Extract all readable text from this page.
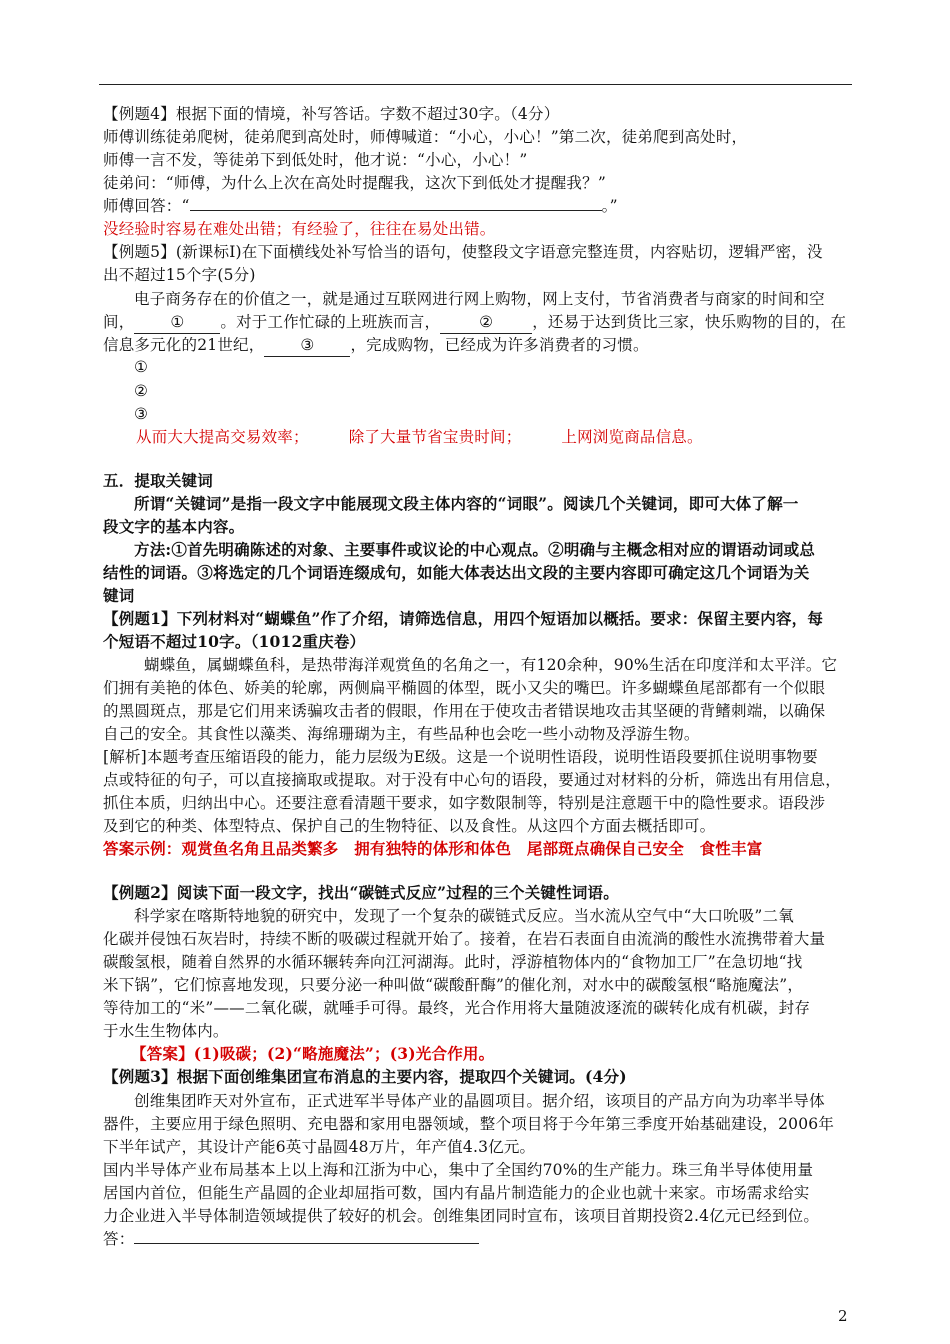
【例题4】根据下面的情境，补写答话。字数不超过30字。（4分）
师傅训练徒弟爬树，徒弟爬到高处时，师傅喊道：“小心，小心！”第二次，徒弟爬到高处时，
师傅一言不发，等徒弟下到低处时，他才说：“小心，小心！”
徒弟问：“师傅，为什么上次在高处时提醒我，这次下到低处才提醒我？”
师傅回答：“	。”
没经验时容易在难处出错；有经验了，往往在易处出错。
【例题5】(新课标I)在下面横线处补写恰当的语句，使整段文字语意完整连贯，内容贴切，逻辑严密，没
出不超过15个字(5分)
电子商务存在的价值之一，就是通过互联网进行网上购物，网上支付，节省消费者与商家的时间和空
间， ① 。对于工作忙碌的上班族而言，	②	，还易于达到货比三家，快乐购物的目的，在
信息多元化的21世纪， ③ ，完成购物，已经成为许多消费者的习惯。
①
②
③
从而大大提高交易效率；	除了大量节省宝贵时间；	上网浏览商品信息。
五．提取关键词
所谓“关键词”是指一段文字中能展现文段主体内容的“词眼”。阅读几个关键词，即可大体了解一
段文字的基本内容。
方法:①首先明确陈述的对象、主要事件或议论的中心观点。②明确与主概念相对应的谓语动词或总
结性的词语。③将选定的几个词语连缀成句，如能大体表达出文段的主要内容即可确定这几个词语为关
键词
【例题1】下列材料对“蝴蝶鱼”作了介绍，请筛选信息，用四个短语加以概括。要求：保留主要内容，每
个短语不超过10字。（1012重庆卷）
蝴蝶鱼，属蝴蝶鱼科，是热带海洋观赏鱼的名角之一，有120余种，90%生活在印度洋和太平洋。它
们拥有美艳的体色、娇美的轮廓，两侧扁平椭圆的体型，既小又尖的嘴巴。许多蝴蝶鱼尾部都有一个似眼
的黑圆斑点，那是它们用来诱骗攻击者的假眼，作用在于使攻击者错误地攻击其坚硬的背鳍刺端，以确保
自己的安全。其食性以藻类、海绵珊瑚为主，有些品种也会吃一些小动物及浮游生物。
[解析]本题考查压缩语段的能力，能力层级为E级。这是一个说明性语段，说明性语段要抓住说明事物要
点或特征的句子，可以直接摘取或提取。对于没有中心句的语段，要通过对材料的分析，筛选出有用信息，
抓住本质，归纳出中心。还要注意看清题干要求，如字数限制等，特别是注意题干中的隐性要求。语段涉
及到它的种类、体型特点、保护自己的生物特征、以及食性。从这四个方面去概括即可。
答案示例：观赏鱼名角且品类繁多　拥有独特的体形和体色　尾部斑点确保自己安全　食性丰富
【例题2】阅读下面一段文字，找出“碳链式反应”过程的三个关键性词语。
科学家在喀斯特地貌的研究中，发现了一个复杂的碳链式反应。当水流从空气中“大口吮吸”二氧
化碳并侵蚀石灰岩时，持续不断的吸碳过程就开始了。接着，在岩石表面自由流淌的酸性水流携带着大量
碳酸氢根，随着自然界的水循环辗转奔向江河湖海。此时，浮游植物体内的“食物加工厂”在急切地“找
米下锅”，它们惊喜地发现，只要分泌一种叫做“碳酸酐酶”的催化剂，对水中的碳酸氢根“略施魔法”，
等待加工的“米”——二氧化碳，就唾手可得。最终，光合作用将大量随波逐流的碳转化成有机碳，封存
于水生生物体内。
【答案】(1)吸碳；(2)“略施魔法”；(3)光合作用。
【例题3】根据下面创维集团宣布消息的主要内容，提取四个关键词。(4分)
创维集团昨天对外宣布，正式进军半导体产业的晶圆项目。据介绍，该项目的产品方向为功率半导体
器件，主要应用于绿色照明、充电器和家用电器领域，整个项目将于今年第三季度开始基础建设，2006年
下半年试产，其设计产能6英寸晶圆48万片，年产值4.3亿元。
国内半导体产业布局基本上以上海和江浙为中心，集中了全国约70%的生产能力。珠三角半导体使用量
居国内首位，但能生产晶圆的企业却屈指可数，国内有晶片制造能力的企业也就十来家。市场需求给实
力企业进入半导体制造领域提供了较好的机会。创维集团同时宣布，该项目首期投资2.4亿元已经到位。
答：
2
